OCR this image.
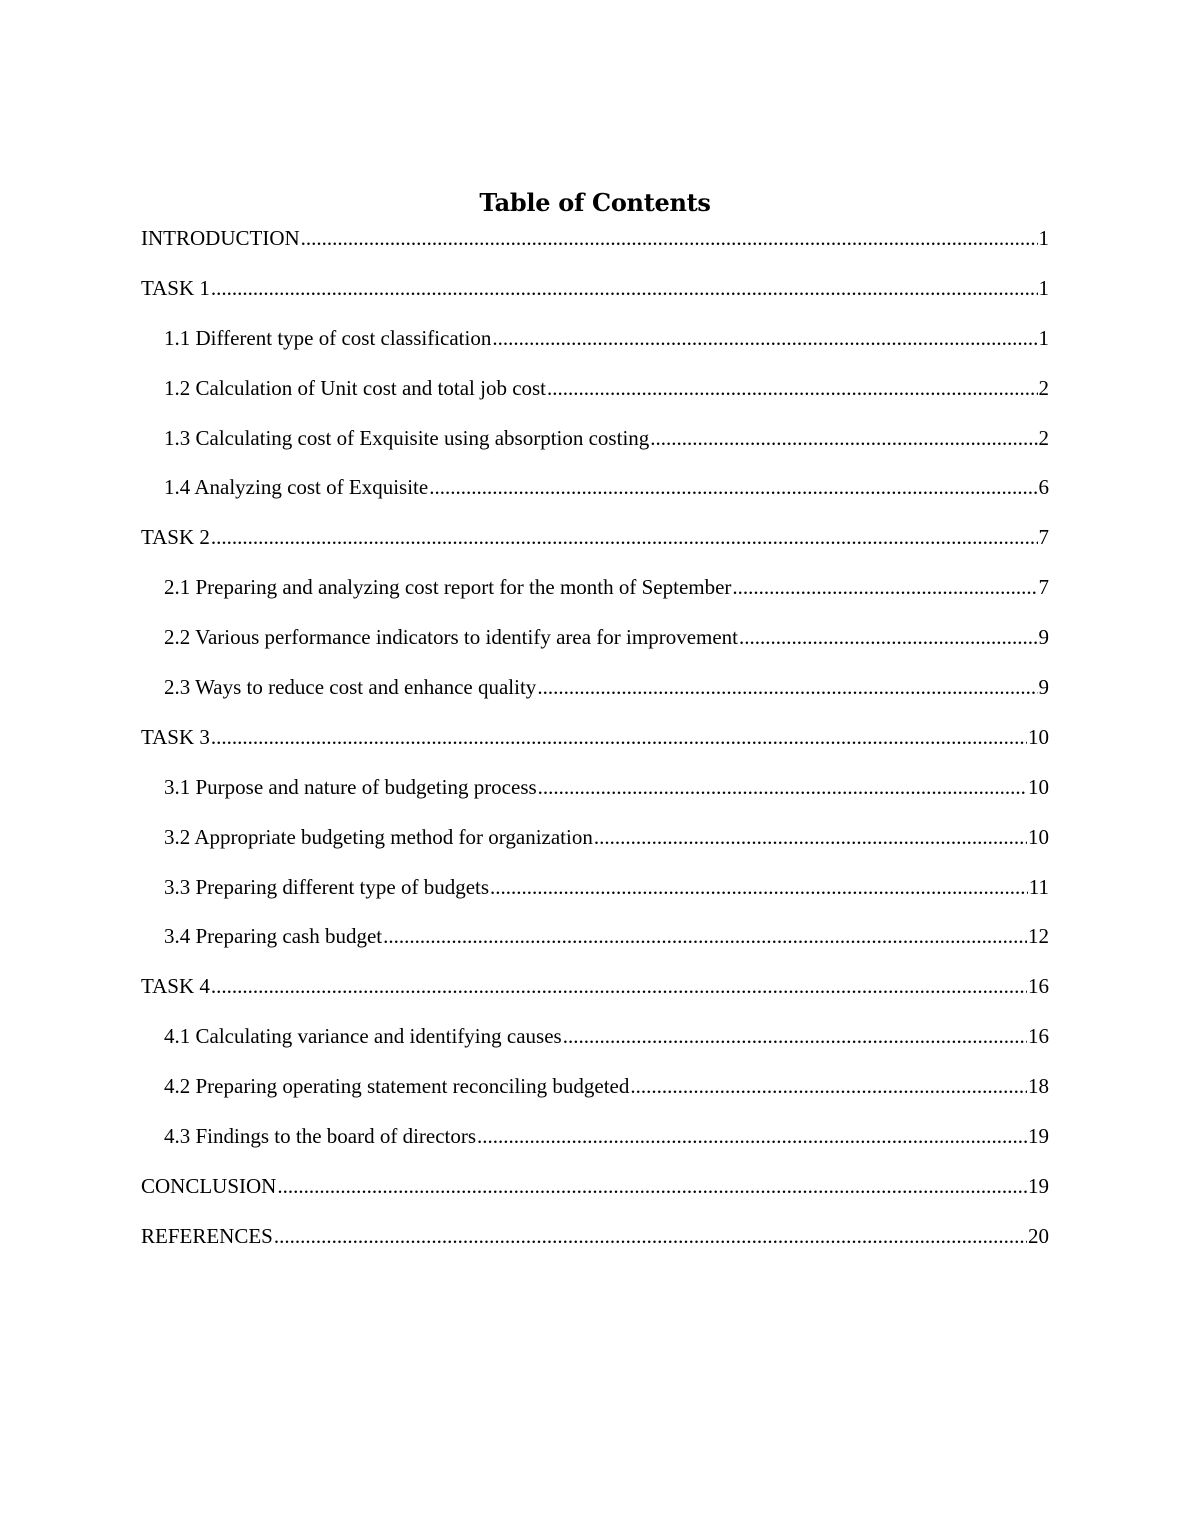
Table of Contents
INTRODUCTION .....	1
TASK 1 .....	1
1.1 Different type of cost classification .....	1
1.2 Calculation of Unit cost and total job cost .....	2
1.3 Calculating cost of Exquisite using absorption costing .....	2
1.4 Analyzing cost of Exquisite .....	6
TASK 2 .....	7
2.1 Preparing and analyzing cost report for the month of September .....	7
2.2 Various performance indicators to identify area for improvement .....	9
2.3 Ways to reduce cost and enhance quality .....	9
TASK 3 .....	10
3.1 Purpose and nature of budgeting process .....	10
3.2 Appropriate budgeting method for organization .....	10
3.3 Preparing different type of budgets .....	11
3.4 Preparing cash budget .....	12
TASK 4 .....	16
4.1 Calculating variance and identifying causes .....	16
4.2 Preparing operating statement reconciling budgeted .....	18
4.3 Findings to the board of directors .....	19
CONCLUSION .....	19
REFERENCES .....	20
